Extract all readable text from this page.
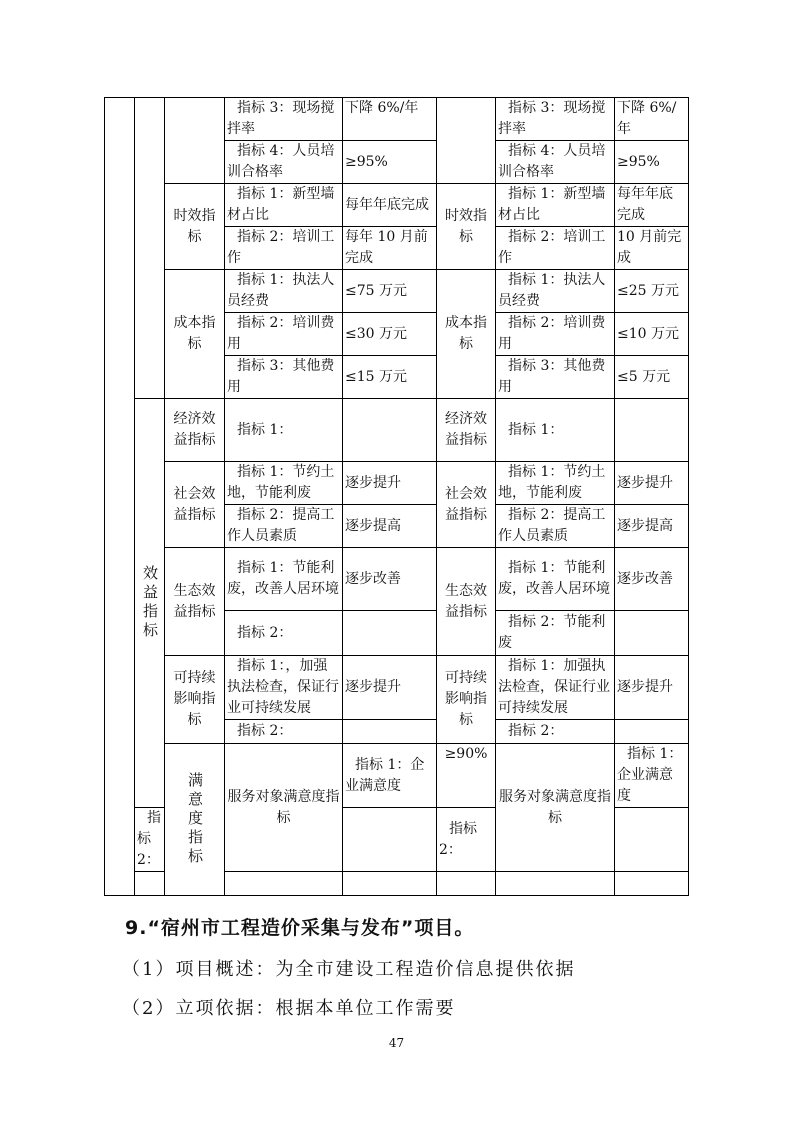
			指标 3：现场搅拌率	下降 6%/年		指标 3：现场搅拌率	下降 6%/年	
			指标 4：人员培训合格率	≥95%		指标 4：人员培训合格率	≥95%	
		时效指标	指标 1：新型墙材占比	每年年底完成	时效指标	指标 1：新型墙材占比	每年年底完成	
			指标 2：培训工作	每年 10 月前完成		指标 2：培训工作	10 月前完成	
		成本指标	指标 1：执法人员经费	≤75 万元	成本指标	指标 1：执法人员经费	≤25 万元	
			指标 2：培训费用	≤30 万元		指标 2：培训费用	≤10 万元	
			指标 3：其他费用	≤15 万元		指标 3：其他费用	≤5 万元	

	效益指标	经济效益指标	指标 1：		经济效益指标	指标 1：		
		社会效益指标	指标 1：节约土地，节能利废	逐步提升	社会效益指标	指标 1：节约土地，节能利废	逐步提升	
			指标 2：提高工作人员素质	逐步提高		指标 2：提高工作人员素质	逐步提高	
		生态效益指标	指标 1：节能利废，改善人居环境	逐步改善	生态效益指标	指标 1：节能利废，改善人居环境	逐步改善	
			指标 2：			指标 2：节能利废		
		可持续影响指标	指标 1：，加强执法检查，保证行业可持续发展	逐步提升	可持续影响指标	指标 1：加强执法检查，保证行业可持续发展	逐步提升	
			指标 2：			指标 2：		

		满意度指标	服务对象满意度指标	指标 1：企业满意度	≥90%	服务对象满意度指标	指标 1：企业满意度	
	指标 2：				指标 2：			

9.“宿州市工程造价采集与发布”项目。
（1）项目概述：为全市建设工程造价信息提供依据
（2）立项依据：根据本单位工作需要
47
